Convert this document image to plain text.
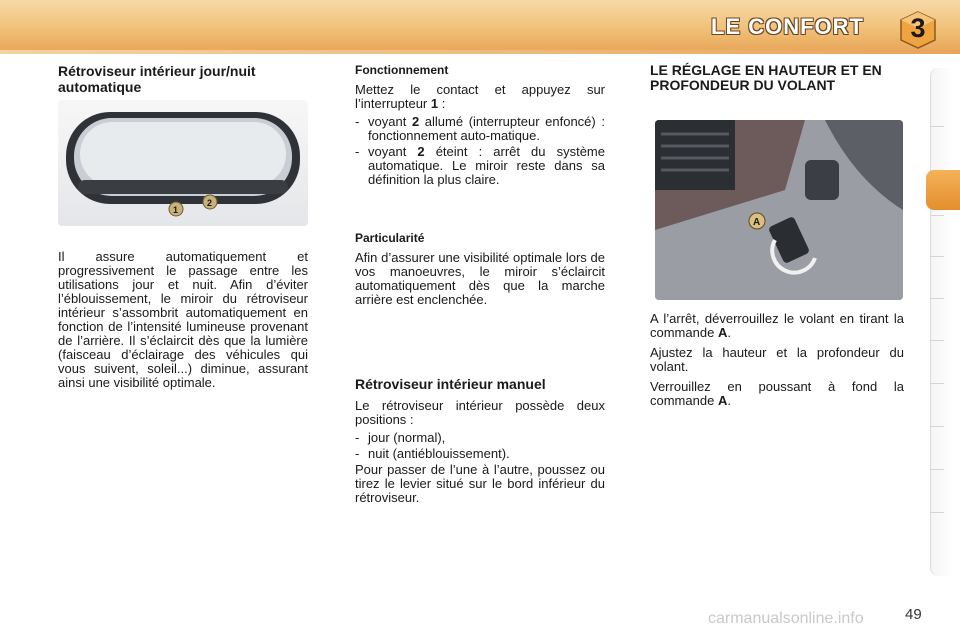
LE CONFORT	3
Rétroviseur intérieur jour/nuit automatique
1
2

Il assure automatiquement et progressivement le passage entre les utilisations jour et nuit. Afin d’éviter l’éblouissement, le miroir du rétroviseur intérieur s’assombrit automatiquement en fonction de l’intensité lumineuse provenant de l’arrière. Il s’éclaircit dès que la lumière (faisceau d’éclairage des véhicules qui vous suivent, soleil...) diminue, assurant ainsi une visibilité optimale.

Fonctionnement

Mettez le contact et appuyez sur l’interrupteur 1 :

- voyant 2 allumé (interrupteur enfoncé) : fonctionnement auto-matique.
- voyant 2 éteint : arrêt du système automatique. Le miroir reste dans sa définition la plus claire.
Particularité

Afin d’assurer une visibilité optimale lors de vos manoeuvres, le miroir s’éclaircit automatiquement dès que la marche arrière est enclenchée.

Rétroviseur intérieur manuel

Le rétroviseur intérieur possède deux positions :

- jour (normal),
- nuit (antiéblouissement).

Pour passer de l’une à l’autre, poussez ou tirez le levier situé sur le bord inférieur du rétroviseur.

LE RÉGLAGE EN HAUTEUR ET EN PROFONDEUR DU VOLANT
A

A l’arrêt, déverrouillez le volant en tirant la commande A.

Ajustez la hauteur et la profondeur du volant.

Verrouillez en poussant à fond la commande A.

carmanualsonline.info	49
